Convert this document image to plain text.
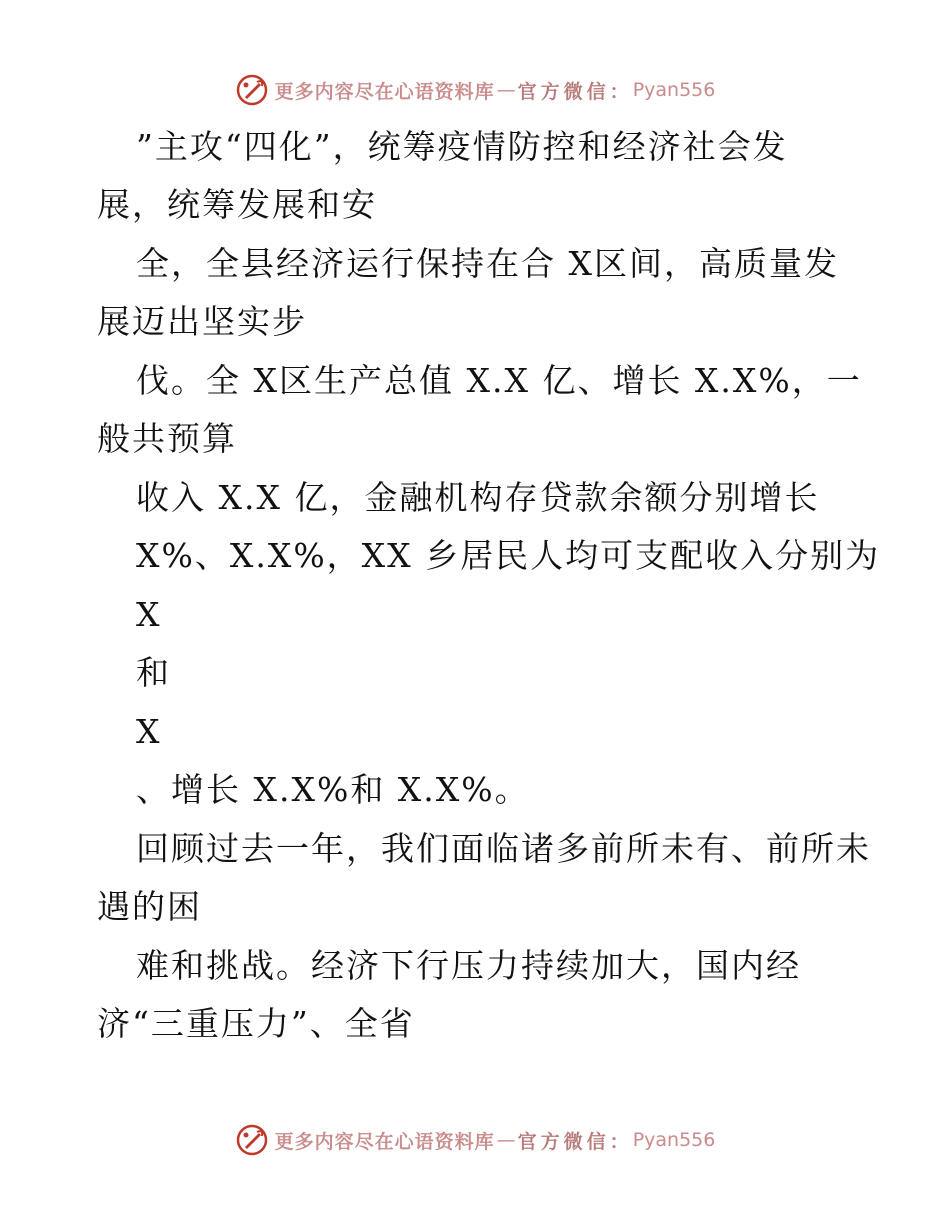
更多内容尽在心语资料库 — 官方微信： Pyan556
”主攻“四化”，统筹疫情防控和经济社会发
展，统筹发展和安
全，全县经济运行保持在合 X区间，高质量发
展迈出坚实步
伐。全 X区生产总值 X.X 亿、增长 X.X%，一
般共预算
收入 X.X 亿，金融机构存贷款余额分别增长
X%、X.X%，XX 乡居民人均可支配收入分别为
X
和
X
、增长 X.X%和 X.X%。
回顾过去一年，我们面临诸多前所未有、前所未
遇的困
难和挑战。经济下行压力持续加大，国内经
济“三重压力”、全省
更多内容尽在心语资料库 — 官方微信： Pyan556
